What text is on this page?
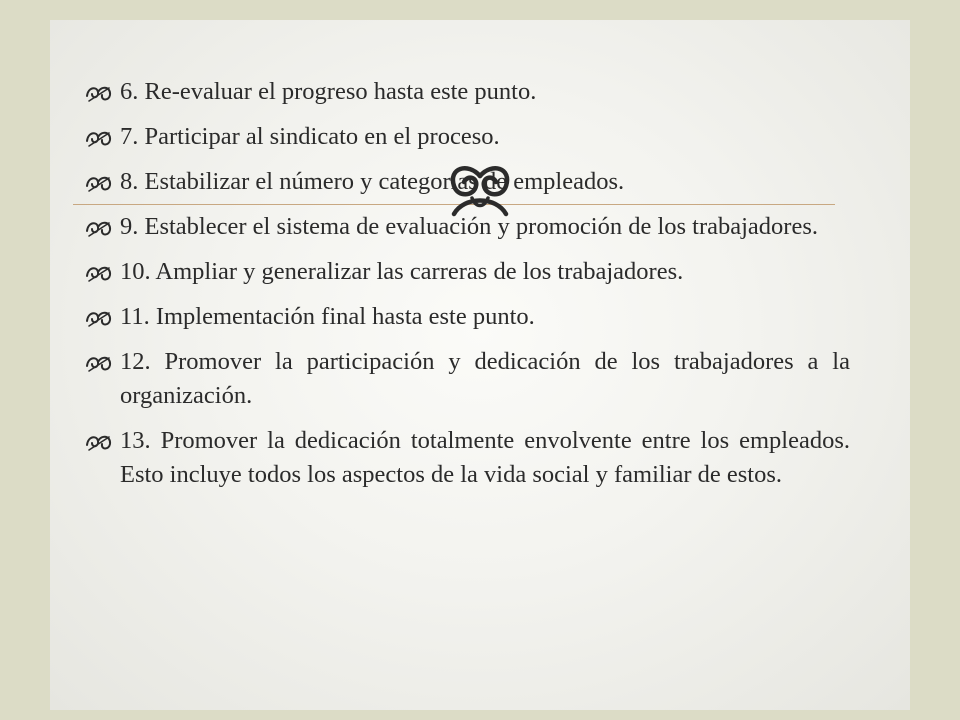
6. Re-evaluar el progreso hasta este punto.
7. Participar al sindicato en el proceso.
8. Estabilizar el número y categorías de empleados.
9. Establecer el sistema de evaluación y promoción de los trabajadores.
10. Ampliar y generalizar las carreras de los trabajadores.
11. Implementación final hasta este punto.
12. Promover la participación y dedicación de los trabajadores a la organización.
13. Promover la dedicación totalmente envolvente entre los empleados. Esto incluye todos los aspectos de la vida social y familiar de estos.
